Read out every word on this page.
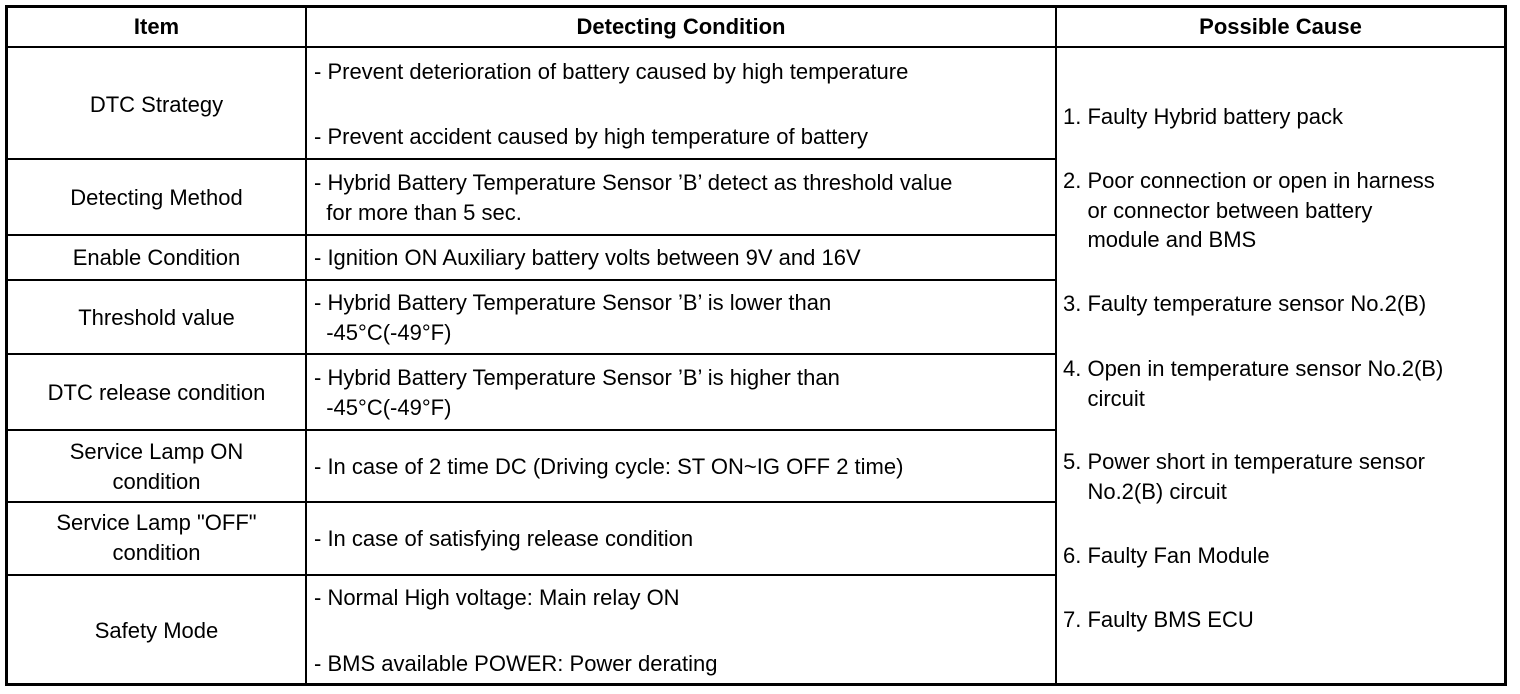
Item	Detecting Condition	Possible Cause
DTC Strategy
Detecting Method
Enable Condition
Threshold value
DTC release condition
Service Lamp ON
condition
Service Lamp "OFF"
condition
Safety Mode
- Prevent deterioration of battery caused by high temperature
- Prevent accident caused by high temperature of battery
- Hybrid Battery Temperature Sensor ’B’ detect as threshold value
for more than 5 sec.
- Ignition ON Auxiliary battery volts between 9V and 16V
- Hybrid Battery Temperature Sensor ’B’ is lower than
-45°C(-49°F)
- Hybrid Battery Temperature Sensor ’B’ is higher than
-45°C(-49°F)
- In case of 2 time DC (Driving cycle: ST ON~IG OFF 2 time)
- In case of satisfying release condition
- Normal High voltage: Main relay ON
- BMS available POWER: Power derating
1. Faulty Hybrid battery pack
2. Poor connection or open in harness
or connector between battery
module and BMS
3. Faulty temperature sensor No.2(B)
4. Open in temperature sensor No.2(B)
circuit
5. Power short in temperature sensor
No.2(B) circuit
6. Faulty Fan Module
7. Faulty BMS ECU
